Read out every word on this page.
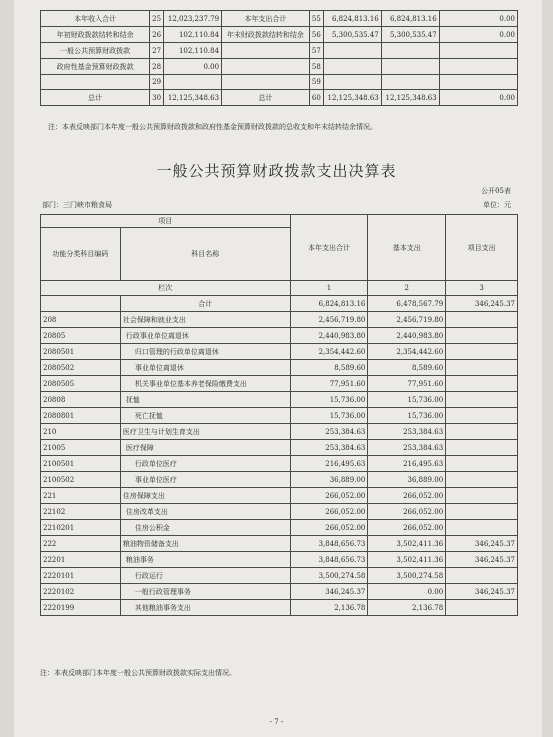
本年收入合计	25	12,023,237.79	本年支出合计	55	6,824,813.16	6,824,813.16	0.00
年初财政拨款结转和结余	26	102,110.84	年末财政拨款结转和结余	56	5,300,535.47	5,300,535.47	0.00
一般公共预算财政拨款	27	102,110.84		57			
政府性基金预算财政拨款	28	0.00		58			
	29			59			
总计	30	12,125,348.63	总计	60	12,125,348.63	12,125,348.63	0.00
注：本表反映部门本年度一般公共预算财政拨款和政府性基金预算财政拨款的总收支和年末结转结余情况。
一般公共预算财政拨款支出决算表
公开05表
部门：三门峡市粮食局	单位：元
项目		本年支出合计	基本支出	项目支出
功能分类科目编码	科目名称			
栏次		1	2	3
	合计	6,824,813.16	6,478,567.79	346,245.37
208	社会保障和就业支出	2,456,719.80	2,456,719.80	
20805	行政事业单位离退休	2,440,983.80	2,440,983.80	
2080501	归口管理的行政单位离退休	2,354,442.60	2,354,442.60	
2080502	事业单位离退休	8,589.60	8,589.60	
2080505	机关事业单位基本养老保险缴费支出	77,951.60	77,951.60	
20808	抚恤	15,736.00	15,736.00	
2080801	死亡抚恤	15,736.00	15,736.00	
210	医疗卫生与计划生育支出	253,384.63	253,384.63	
21005	医疗保障	253,384.63	253,384.63	
2100501	行政单位医疗	216,495.63	216,495.63	
2100502	事业单位医疗	36,889.00	36,889.00	
221	住房保障支出	266,052.00	266,052.00	
22102	住房改革支出	266,052.00	266,052.00	
2210201	住房公积金	266,052.00	266,052.00	
222	粮油物资储备支出	3,848,656.73	3,502,411.36	346,245.37
22201	粮油事务	3,848,656.73	3,502,411.36	346,245.37
2220101	行政运行	3,500,274.58	3,500,274.58	
2220102	一般行政管理事务	346,245.37	0.00	346,245.37
2220199	其他粮油事务支出	2,136.78	2,136.78	
注：本表反映部门本年度一般公共预算财政拨款实际支出情况。
- 7 -
